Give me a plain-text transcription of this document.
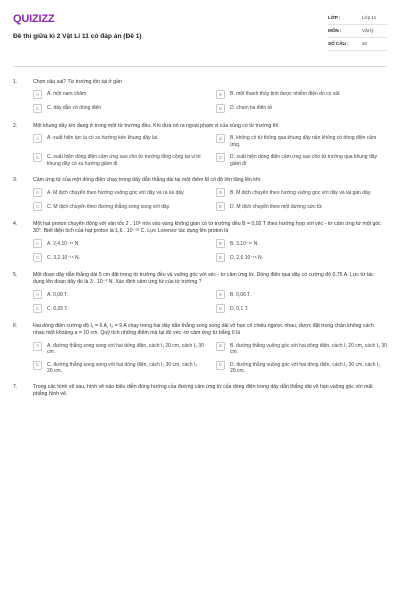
QUIZIZZ
Đề thi giữa kì 2 Vật Lí 11 có đáp án (Đề 1)
LỚP :	Lớp 11
MÔN :	Vật lý
SỐ CÂU :	20
1.	Chọn câu sai? Từ trường tồn tại ở gần
A	A. một nam châm	B	B. một thanh thủy tinh được nhiễm điện do cọ xát
C	C. dây dẫn có dòng điện	D	D. chùm tia điện tử
2.	Một khung dây kín đang ở trong một từ trường đều. Khi đưa nó ra ngoài phạm vi của vùng có từ trường thì
A	A. xuất hiện lực lạ có xu hướng kéo khung dây lại.	B	B. không có từ thông qua khung dây nên không có dòng điện cảm ứng.
C	C. xuất hiện dòng điện cảm ứng sao cho từ trường tổng cộng tại vị trí khung dây có xu hướng giảm đi.
D	D. xuất hiện dòng điện cảm ứng sao cho từ trường qua khung dây giảm đi
3.	Cảm ứng từ của một dòng điện chạy trong dây dẫn thẳng dài tại một điểm M có độ lớn tăng lên khi
A	A. M dịch chuyển theo hướng vuông góc với dây và ra xa dây.	B	B. M dịch chuyển theo hướng vuông góc với dây và lại gần dây.
C	C. M dịch chuyển theo đường thẳng song song với dây.	D	D. M dịch chuyển theo một đường sức từ.
4.	Một hạt proton chuyển động với vận tốc 2 . 10⁶ m/s vào vùng không gian có từ trường đều B = 0,02 T theo hướng hợp với véc - tơ cảm ứng từ một góc 30°. Biết điện tích của hạt proton là 1,6 . 10⁻¹⁹ C. Lực Lorenxơ tác dụng lên proton là
A	A. 2,4.10⁻¹⁵ N.	B	B. 3.10⁻¹⁵ N.
C	C. 3,2.10⁻¹⁵ N.	D	D. 2,6.10⁻¹⁵ N.
5.	Một đoạn dây dẫn thẳng dài 5 cm đặt trong từ trường đều và vuông góc với véc - tơ cảm ứng từ. Dòng điện qua dây có cường độ 0,75 A. Lực từ tác dụng lên đoạn dây đó là 3 . 10⁻³ N. Xác định cảm ứng từ của từ trường ?
A	A. 0,08 T.	B	B. 0,06 T.
C	C. 0,05 T.	D	D. 0,1 T.
6.	Hai dòng điện cường độ I₁ = 6 A, I₂ = 9 A chạy trong hai dây dẫn thẳng song song dài vô hạn có chiều ngược nhau, được đặt trong chân không cách nhau một khoảng a = 10 cm. Quỹ tích những điểm mà tại đó véc -tơ cảm ứng từ bằng 0 là
A	A. đường thẳng song song với hai dòng điện, cách I₁ 20 cm, cách I₂ 30 cm.
B	B. đường thẳng vuông góc với hai dòng điện, cách I₁ 20 cm, cách I₂ 30 cm.
C	C. đường thẳng song song với hai dòng điện, cách I₁ 30 cm, cách I₂ 20 cm.
D	D. đường thẳng vuông góc với hai dòng điện, cách I₁ 30 cm, cách I₂ 20 cm.
7.	Trong các hình vẽ sau, hình vẽ nào biểu diễn đúng hướng của đường cảm ứng từ của dòng điện trong dây dẫn thẳng dài vô hạn vuông góc với mặt phẳng hình vẽ.
